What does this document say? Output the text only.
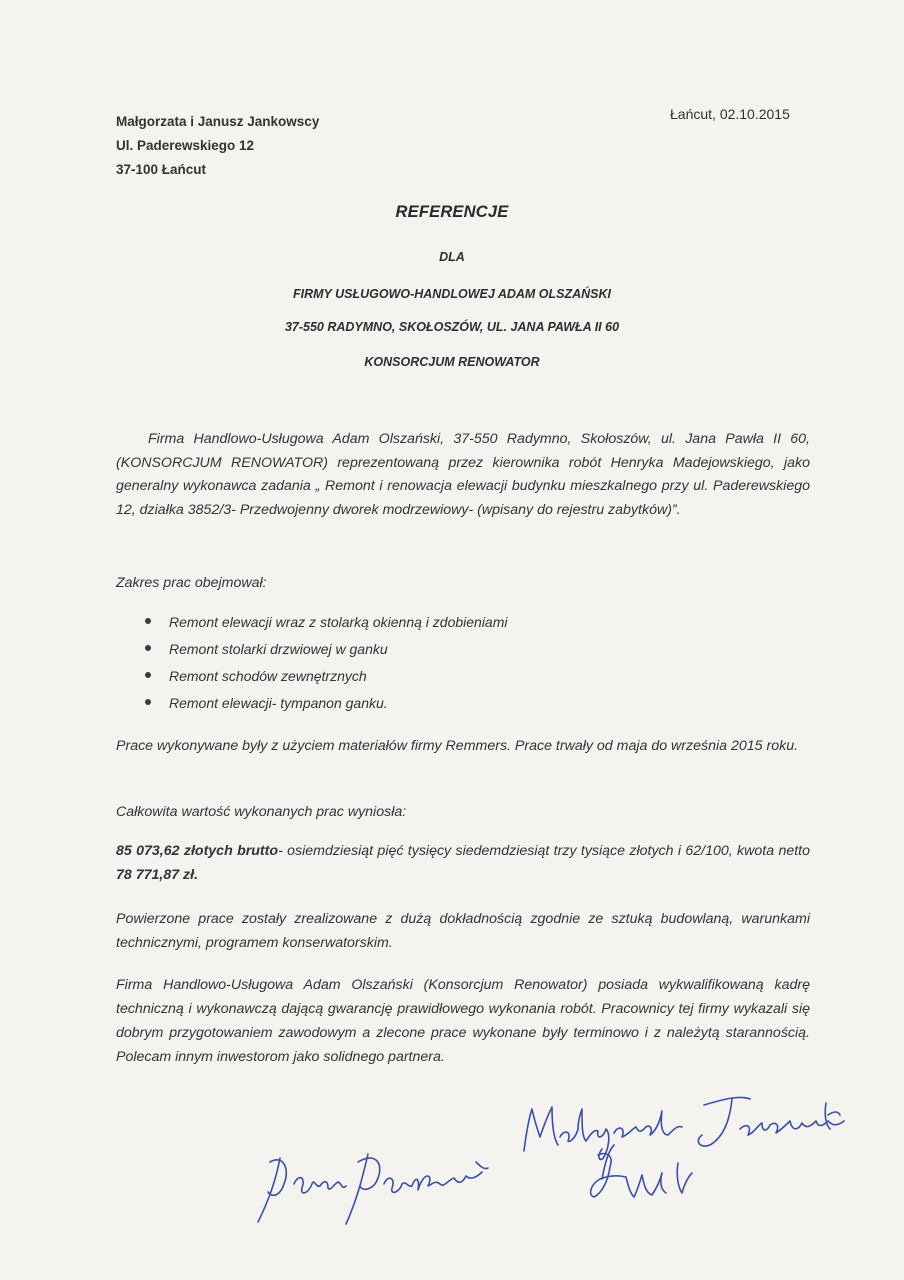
Małgorzata i Janusz Jankowscy
Ul. Paderewskiego 12
37-100 Łańcut
Łańcut, 02.10.2015
REFERENCJE
DLA
FIRMY USŁUGOWO-HANDLOWEJ ADAM OLSZAŃSKI
37-550 RADYMNO, SKOŁOSZÓW, UL. JANA PAWŁA II 60
KONSORCJUM RENOWATOR
Firma Handlowo-Usługowa Adam Olszański, 37-550 Radymno, Skołoszów, ul. Jana Pawła II 60, (KONSORCJUM RENOWATOR) reprezentowaną przez kierownika robót Henryka Madejowskiego, jako generalny wykonawca zadania „ Remont i renowacja elewacji budynku mieszkalnego przy ul. Paderewskiego 12, działka 3852/3- Przedwojenny dworek modrzewiowy- (wpisany do rejestru zabytków)”.
Zakres prac obejmował:
Remont elewacji wraz z stolarką okienną i zdobieniami
Remont stolarki drzwiowej w ganku
Remont schodów zewnętrznych
Remont elewacji- tympanon ganku.
Prace wykonywane były z użyciem materiałów firmy Remmers. Prace trwały od maja do września 2015 roku.
Całkowita wartość wykonanych prac wyniosła:
85 073,62 złotych brutto- osiemdziesiąt pięć tysięcy siedemdziesiąt trzy tysiące złotych i 62/100, kwota netto 78 771,87 zł.
Powierzone prace zostały zrealizowane z dużą dokładnością zgodnie ze sztuką budowlaną, warunkami technicznymi, programem konserwatorskim.
Firma Handlowo-Usługowa Adam Olszański (Konsorcjum Renowator) posiada wykwalifikowaną kadrę techniczną i wykonawczą dającą gwarancję prawidłowego wykonania robót. Pracownicy tej firmy wykazali się dobrym przygotowaniem zawodowym a zlecone prace wykonane były terminowo i z należytą starannością. Polecam innym inwestorom jako solidnego partnera.
